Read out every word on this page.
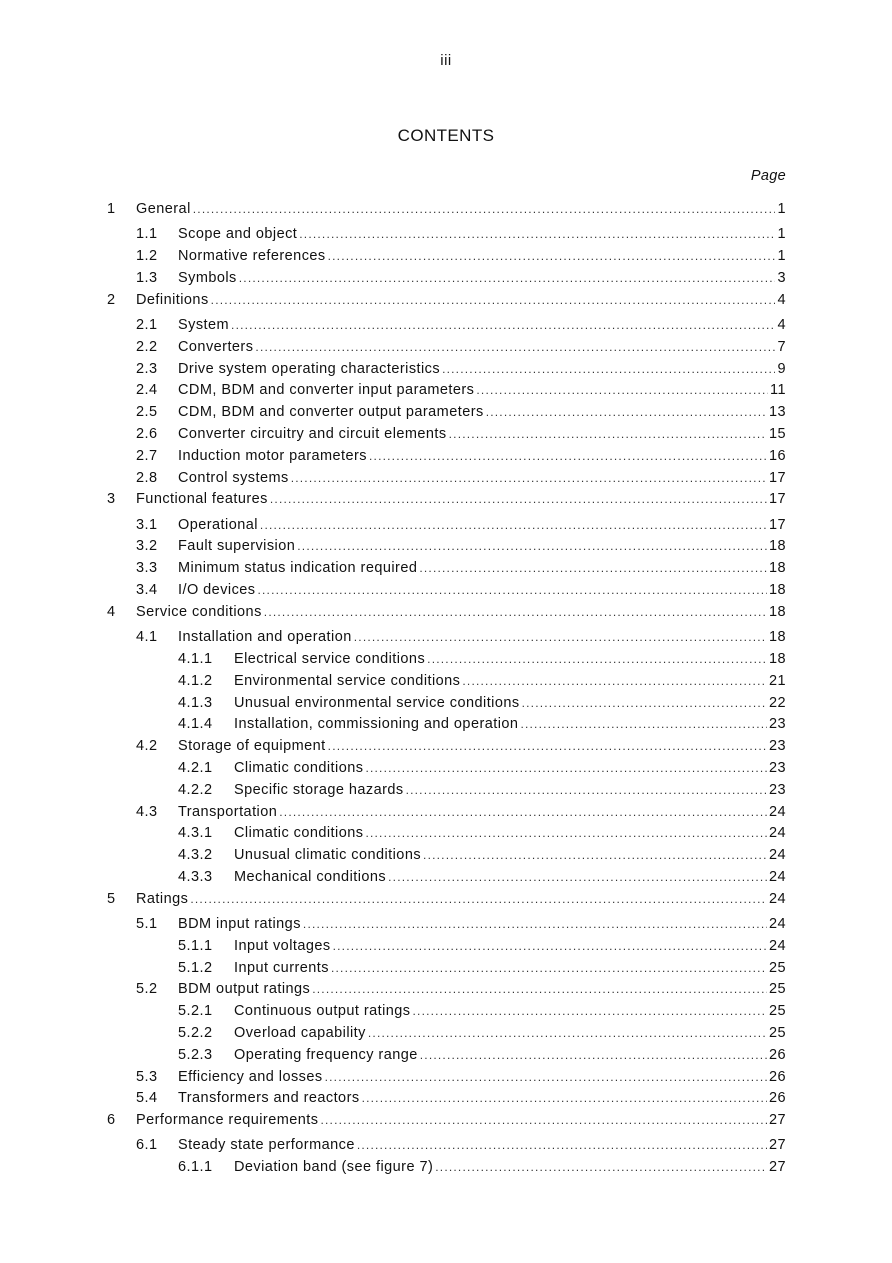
iii
CONTENTS
Page
1 General .....	1
1.1 Scope and object .....	1
1.2 Normative references .....	1
1.3 Symbols .....	3
2 Definitions .....	4
2.1 System .....	4
2.2 Converters .....	7
2.3 Drive system operating characteristics .....	9
2.4 CDM, BDM and converter input parameters .....	11
2.5 CDM, BDM and converter output parameters .....	13
2.6 Converter circuitry and circuit elements .....	15
2.7 Induction motor parameters .....	16
2.8 Control systems .....	17
3 Functional features .....	17
3.1 Operational .....	17
3.2 Fault supervision .....	18
3.3 Minimum status indication required .....	18
3.4 I/O devices .....	18
4 Service conditions .....	18
4.1 Installation and operation .....	18
4.1.1 Electrical service conditions .....	18
4.1.2 Environmental service conditions .....	21
4.1.3 Unusual environmental service conditions .....	22
4.1.4 Installation, commissioning and operation .....	23
4.2 Storage of equipment .....	23
4.2.1 Climatic conditions .....	23
4.2.2 Specific storage hazards .....	23
4.3 Transportation .....	24
4.3.1 Climatic conditions .....	24
4.3.2 Unusual climatic conditions .....	24
4.3.3 Mechanical conditions .....	24
5 Ratings .....	24
5.1 BDM input ratings .....	24
5.1.1 Input voltages .....	24
5.1.2 Input currents .....	25
5.2 BDM output ratings .....	25
5.2.1 Continuous output ratings .....	25
5.2.2 Overload capability .....	25
5.2.3 Operating frequency range .....	26
5.3 Efficiency and losses .....	26
5.4 Transformers and reactors .....	26
6 Performance requirements .....	27
6.1 Steady state performance .....	27
6.1.1 Deviation band (see figure 7) .....	27
